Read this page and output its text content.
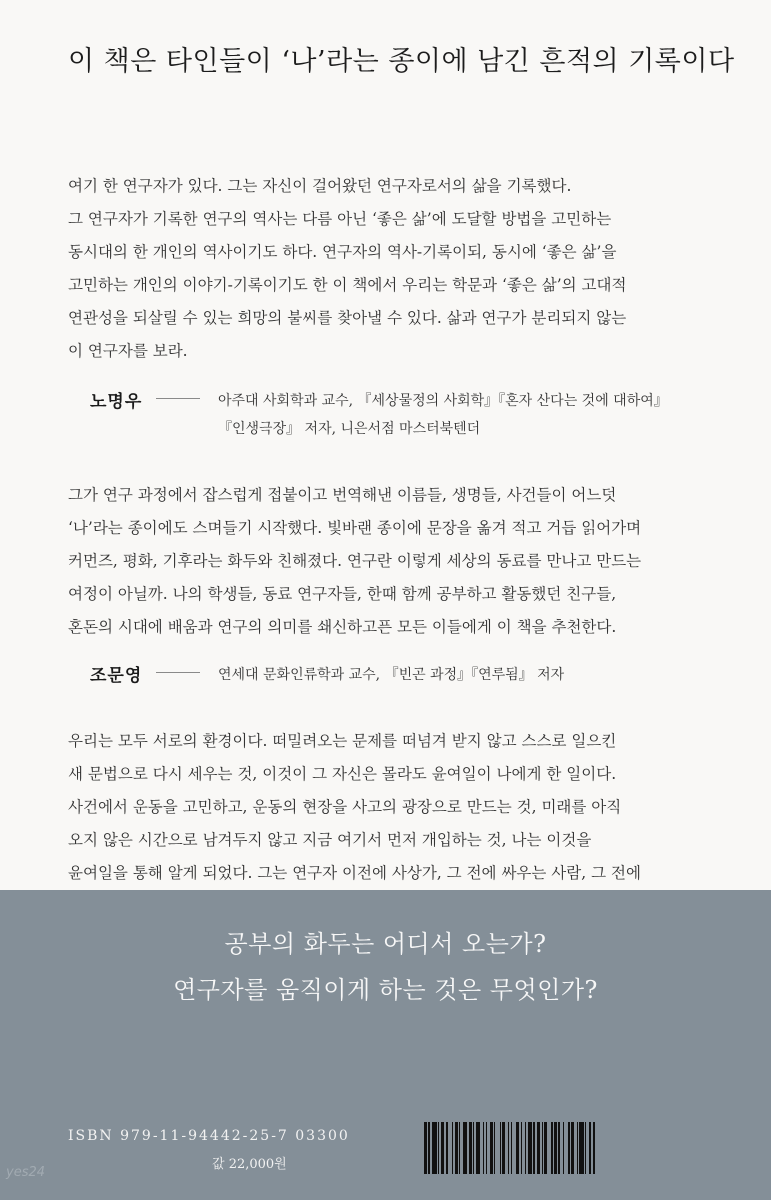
이 책은 타인들이 ‘나’라는 종이에 남긴 흔적의 기록이다
여기 한 연구자가 있다. 그는 자신이 걸어왔던 연구자로서의 삶을 기록했다.
그 연구자가 기록한 연구의 역사는 다름 아닌 ‘좋은 삶’에 도달할 방법을 고민하는
동시대의 한 개인의 역사이기도 하다. 연구자의 역사-기록이되, 동시에 ‘좋은 삶’을
고민하는 개인의 이야기-기록이기도 한 이 책에서 우리는 학문과 ‘좋은 삶’의 고대적
연관성을 되살릴 수 있는 희망의 불씨를 찾아낼 수 있다. 삶과 연구가 분리되지 않는
이 연구자를 보라.
노명우	아주대 사회학과 교수, 『세상물정의 사회학』『혼자 산다는 것에 대하여』
『인생극장』 저자, 니은서점 마스터북텐더
그가 연구 과정에서 잡스럽게 접붙이고 번역해낸 이름들, 생명들, 사건들이 어느덧
‘나’라는 종이에도 스며들기 시작했다. 빛바랜 종이에 문장을 옮겨 적고 거듭 읽어가며
커먼즈, 평화, 기후라는 화두와 친해졌다. 연구란 이렇게 세상의 동료를 만나고 만드는
여정이 아닐까. 나의 학생들, 동료 연구자들, 한때 함께 공부하고 활동했던 친구들,
혼돈의 시대에 배움과 연구의 의미를 쇄신하고픈 모든 이들에게 이 책을 추천한다.
조문영	연세대 문화인류학과 교수, 『빈곤 과정』『연루됨』 저자
우리는 모두 서로의 환경이다. 떠밀려오는 문제를 떠넘겨 받지 않고 스스로 일으킨
새 문법으로 다시 세우는 것, 이것이 그 자신은 몰라도 윤여일이 나에게 한 일이다.
사건에서 운동을 고민하고, 운동의 현장을 사고의 광장으로 만드는 것, 미래를 아직
오지 않은 시간으로 남겨두지 않고 지금 여기서 먼저 개입하는 것, 나는 이것을
윤여일을 통해 알게 되었다. 그는 연구자 이전에 사상가, 그 전에 싸우는 사람, 그 전에
공부의 화두는 어디서 오는가?
연구자를 움직이게 하는 것은 무엇인가?
ISBN 979-11-94442-25-7 03300
값 22,000원
yes24
